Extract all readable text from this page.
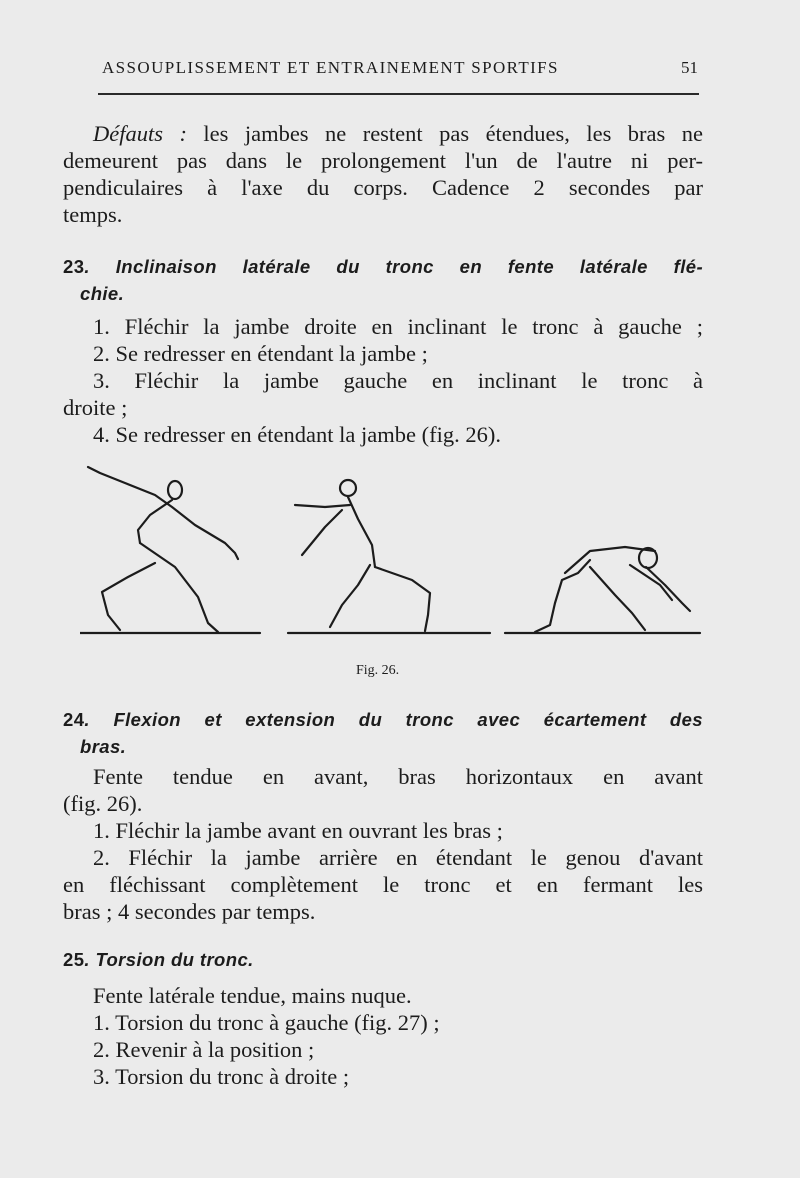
ASSOUPLISSEMENT ET ENTRAINEMENT SPORTIFS	51
Défauts : les jambes ne restent pas étendues, les bras ne
demeurent pas dans le prolongement l'un de l'autre ni per-
pendiculaires à l'axe du corps. Cadence 2 secondes par
temps.
23. Inclinaison latérale du tronc en fente latérale flé-
chie.
1. Fléchir la jambe droite en inclinant le tronc à gauche ;
2. Se redresser en étendant la jambe ;
3. Fléchir la jambe gauche en inclinant le tronc à
droite ;
4. Se redresser en étendant la jambe (fig. 26).
Fig. 26.
24. Flexion et extension du tronc avec écartement des
bras.
Fente tendue en avant, bras horizontaux en avant
(fig. 26).
1. Fléchir la jambe avant en ouvrant les bras ;
2. Fléchir la jambe arrière en étendant le genou d'avant
en fléchissant complètement le tronc et en fermant les
bras ; 4 secondes par temps.
25. Torsion du tronc.
Fente latérale tendue, mains nuque.
1. Torsion du tronc à gauche (fig. 27) ;
2. Revenir à la position ;
3. Torsion du tronc à droite ;
